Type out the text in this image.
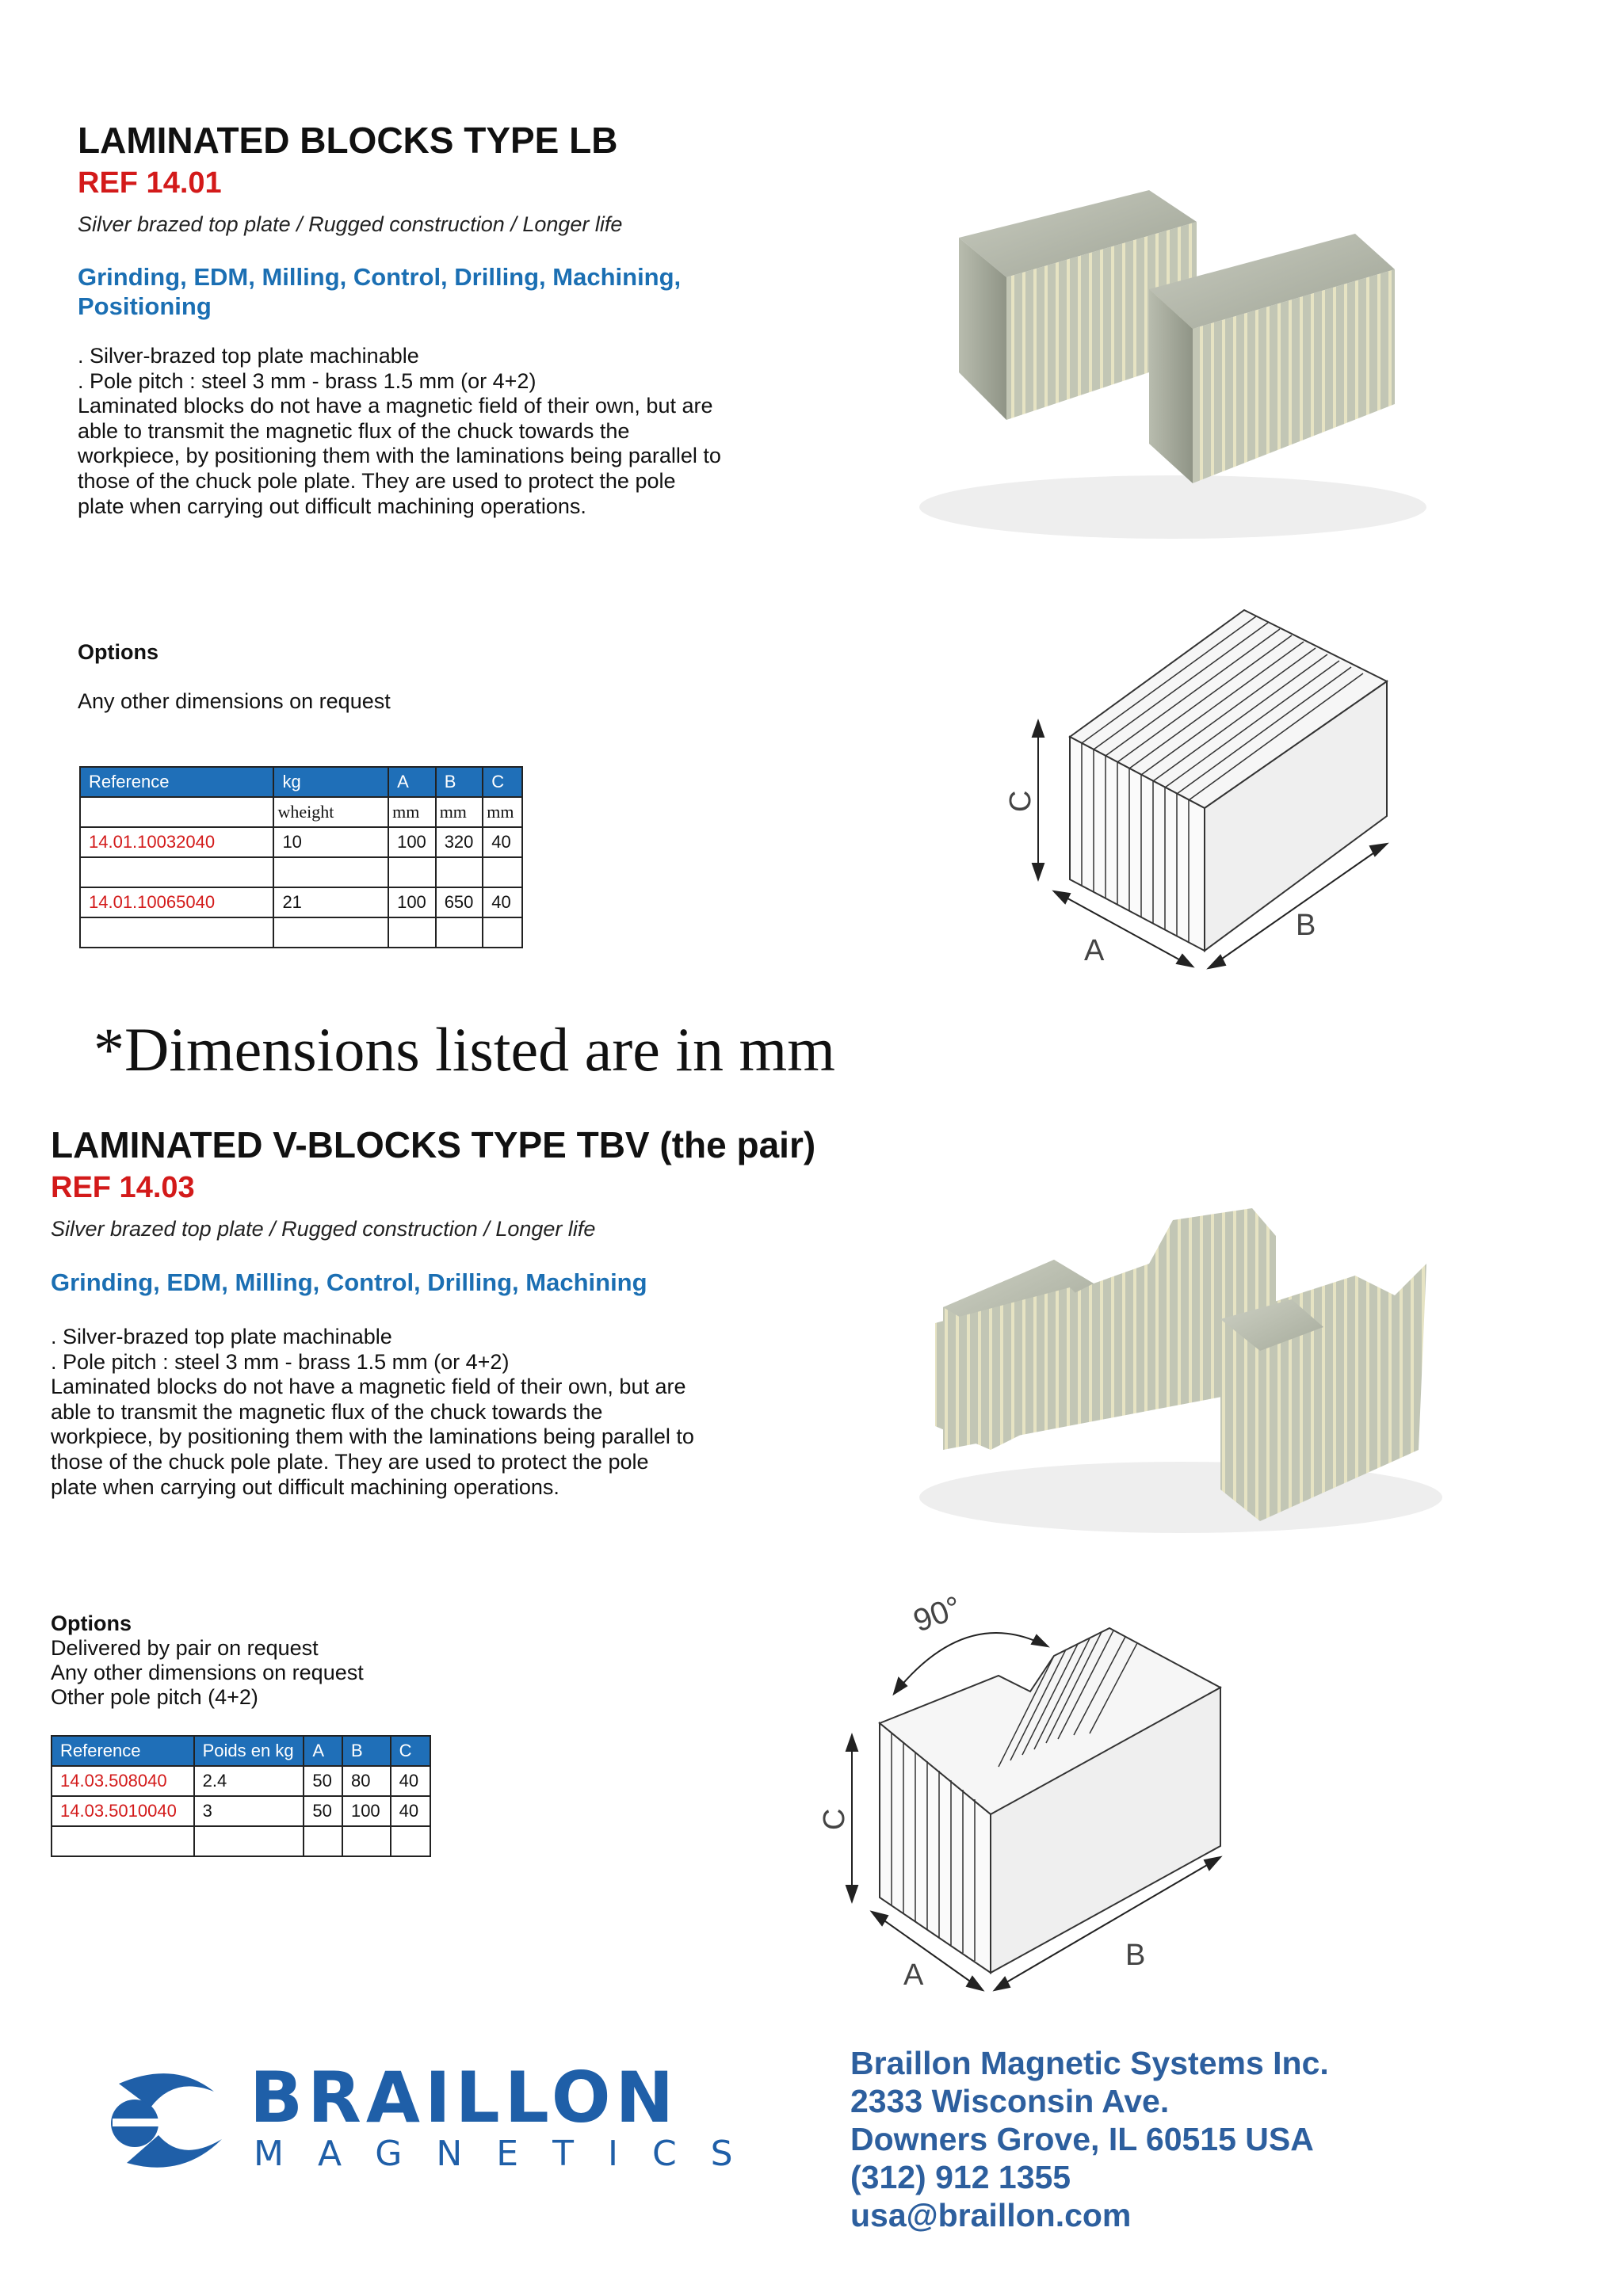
LAMINATED BLOCKS TYPE LB
REF 14.01
Silver brazed top plate / Rugged construction / Longer life
Grinding, EDM, Milling, Control, Drilling, Machining,
Positioning
. Silver-brazed top plate machinable
. Pole pitch : steel 3 mm - brass 1.5 mm (or 4+2)
Laminated blocks do not have a magnetic field of their own, but are
able to transmit the magnetic flux of the chuck towards the
workpiece, by positioning them with the laminations being parallel to
those of the chuck pole plate. They are used to protect the pole
plate when carrying out difficult machining operations.
Options
Any other dimensions on request
Reference	kg	A	B	C
	wheight	mm	mm	mm
14.01.10032040	10	100	320	40

14.01.10065040	21	100	650	40

C
A
B
*Dimensions listed are in mm
LAMINATED V-BLOCKS TYPE TBV (the pair)
REF 14.03
Silver brazed top plate / Rugged construction / Longer life
Grinding, EDM, Milling, Control, Drilling, Machining
. Silver-brazed top plate machinable
. Pole pitch : steel 3 mm - brass 1.5 mm (or 4+2)
Laminated blocks do not have a magnetic field of their own, but are
able to transmit the magnetic flux of the chuck towards the
workpiece, by positioning them with the laminations being parallel to
those of the chuck pole plate. They are used to protect the pole
plate when carrying out difficult machining operations.
Options
Delivered by pair on request
Any other dimensions on request
Other pole pitch (4+2)
Reference	Poids en kg	A	B	C
14.03.508040	2.4	50	80	40
14.03.5010040	3	50	100	40

90°
C
A
B
BRAILLON
MAGNETICS
Braillon Magnetic Systems Inc.
2333 Wisconsin Ave.
Downers Grove, IL 60515 USA
(312) 912 1355
usa@braillon.com
